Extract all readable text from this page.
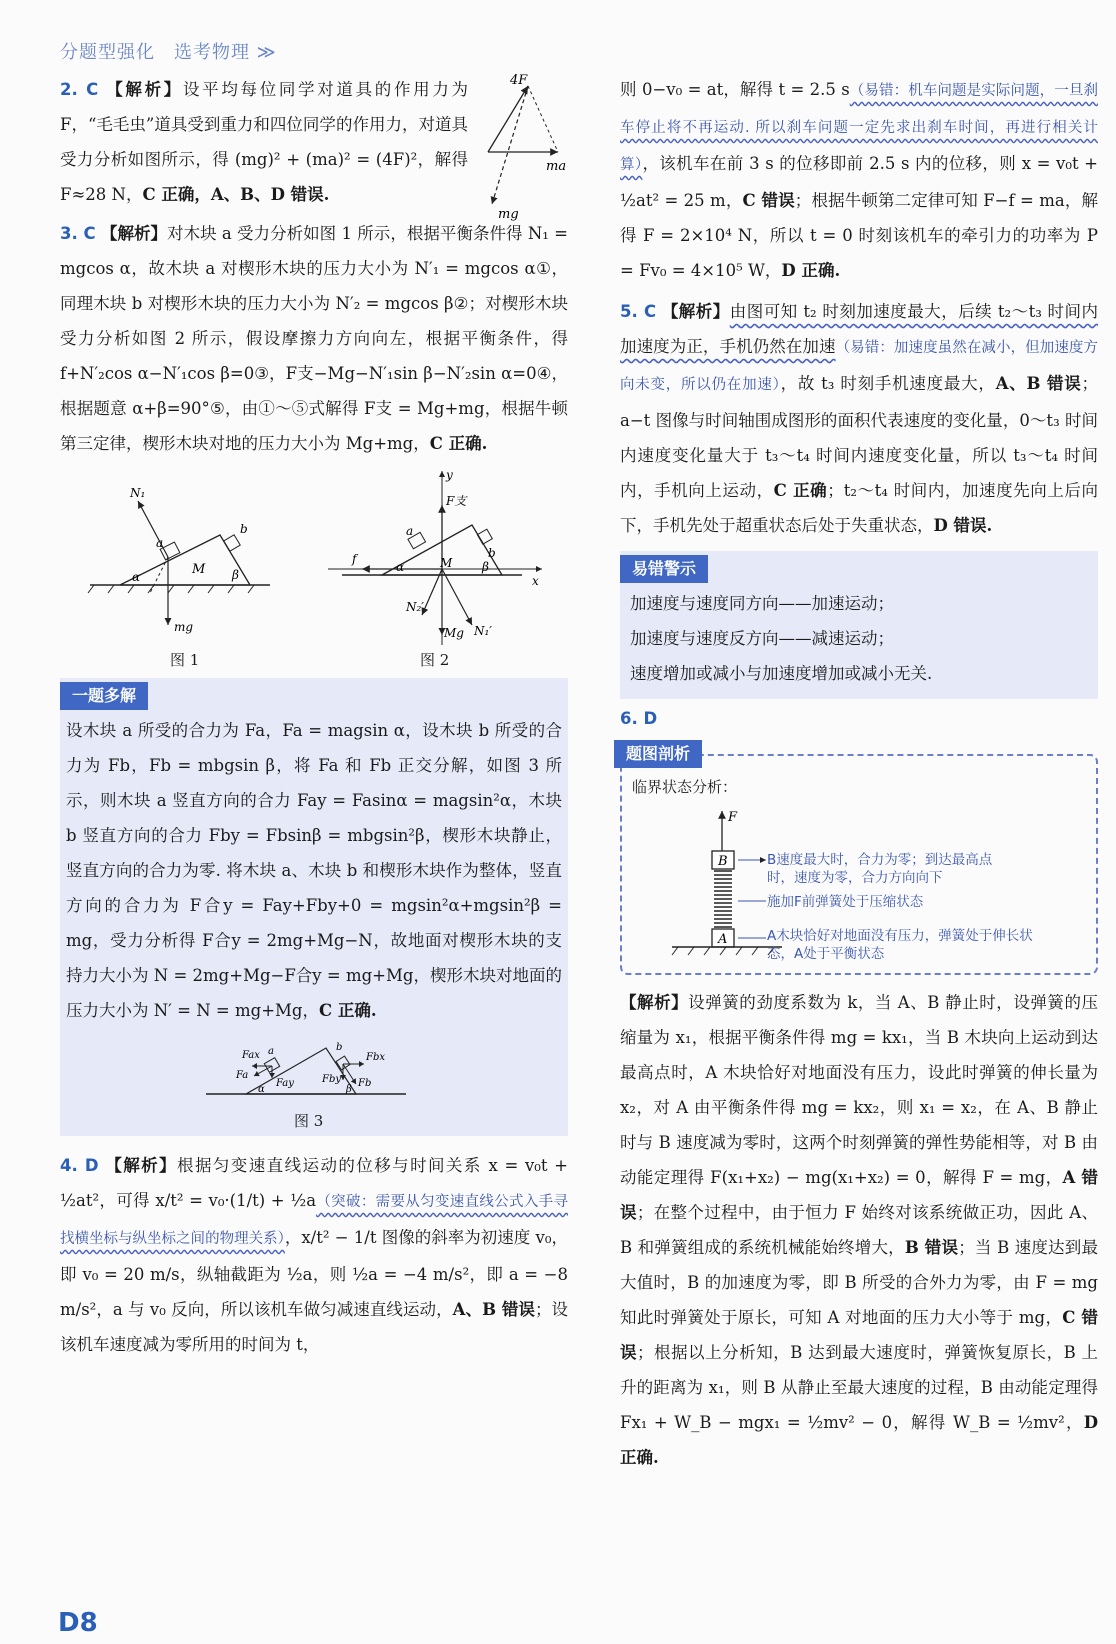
分题型强化　选考物理 ≫
4F
ma
mg

2. C 【解析】设平均每位同学对道具的作用力为 F，“毛毛虫”道具受到重力和四位同学的作用力，对道具受力分析如图所示，得 (mg)² + (ma)² = (4F)²，解得 F≈28 N，C 正确，A、B、D 错误.

3. C 【解析】对木块 a 受力分析如图 1 所示，根据平衡条件得 N₁ = mgcos α，故木块 a 对楔形木块的压力大小为 N′₁ = mgcos α①，同理木块 b 对楔形木块的压力大小为 N′₂ = mgcos β②；对楔形木块受力分析如图 2 所示，假设摩擦力方向向左，根据平衡条件，得 f+N′₂cos α−N′₁cos β=0③，F支−Mg−N′₁sin β−N′₂sin α=0④，根据题意 α+β=90°⑤，由①～⑤式解得 F支 = Mg+mg，根据牛顿第三定律，楔形木块对地的压力大小为 Mg+mg，C 正确.

N₁
a
b
M
α	β
mg
图 1
y
F支
f
a
b
M
x
N₂′
Mg N₁′
α	β
图 2
一题多解

设木块 a 所受的合力为 Fa，Fa = magsin α，设木块 b 所受的合力为 Fb，Fb = mbgsin β，将 Fa 和 Fb 正交分解，如图 3 所示，则木块 a 竖直方向的合力 Fay = Fasinα = magsin²α，木块 b 竖直方向的合力 Fby = Fbsinβ = mbgsin²β，楔形木块静止，竖直方向的合力为零. 将木块 a、木块 b 和楔形木块作为整体，竖直方向的合力为 F合y = Fay+Fby+0 = mgsin²α+mgsin²β = mg，受力分析得 F合y = 2mg+Mg−N，故地面对楔形木块的支持力大小为 N = 2mg+Mg−F合y = mg+Mg，楔形木块对地面的压力大小为 N′ = N = mg+Mg，C 正确.

Fax a
Fa
Fay
b
Fbx
Fb
Fby
α	β
图 3

4. D 【解析】根据匀变速直线运动的位移与时间关系 x = v₀t + ½at²，可得 x/t² = v₀·(1/t) + ½a（突破：需要从匀变速直线公式入手寻找横坐标与纵坐标之间的物理关系），x/t² − 1/t 图像的斜率为初速度 v₀，即 v₀ = 20 m/s，纵轴截距为 ½a，则 ½a = −4 m/s²，即 a = −8 m/s²，a 与 v₀ 反向，所以该机车做匀减速直线运动，A、B 错误；设该机车速度减为零所用的时间为 t，

则 0−v₀ = at，解得 t = 2.5 s（易错：机车问题是实际问题，一旦刹车停止将不再运动. 所以刹车问题一定先求出刹车时间，再进行相关计算），该机车在前 3 s 的位移即前 2.5 s 内的位移，则 x = v₀t + ½at² = 25 m，C 错误；根据牛顿第二定律可知 F−f = ma，解得 F = 2×10⁴ N，所以 t = 0 时刻该机车的牵引力的功率为 P = Fv₀ = 4×10⁵ W，D 正确.

5. C 【解析】由图可知 t₂ 时刻加速度最大，后续 t₂～t₃ 时间内加速度为正，手机仍然在加速（易错：加速度虽然在减小，但加速度方向未变，所以仍在加速），故 t₃ 时刻手机速度最大，A、B 错误；a−t 图像与时间轴围成图形的面积代表速度的变化量，0～t₃ 时间内速度变化量大于 t₃～t₄ 时间内速度变化量，所以 t₃～t₄ 时间内，手机向上运动，C 正确；t₂～t₄ 时间内，加速度先向上后向下，手机先处于超重状态后处于失重状态，D 错误.

易错警示

加速度与速度同方向——加速运动；

加速度与速度反方向——减速运动；

速度增加或减小与加速度增加或减小无关.

6. D
题图剖析
临界状态分析：
F
B
A
B速度最大时，合力为零；到达最高点时，速度为零，合力方向向下
施加F前弹簧处于压缩状态
A木块恰好对地面没有压力，弹簧处于伸长状态，A处于平衡状态

【解析】设弹簧的劲度系数为 k，当 A、B 静止时，设弹簧的压缩量为 x₁，根据平衡条件得 mg = kx₁，当 B 木块向上运动到达最高点时，A 木块恰好对地面没有压力，设此时弹簧的伸长量为 x₂，对 A 由平衡条件得 mg = kx₂，则 x₁ = x₂，在 A、B 静止时与 B 速度减为零时，这两个时刻弹簧的弹性势能相等，对 B 由动能定理得 F(x₁+x₂) − mg(x₁+x₂) = 0，解得 F = mg，A 错误；在整个过程中，由于恒力 F 始终对该系统做正功，因此 A、B 和弹簧组成的系统机械能始终增大，B 错误；当 B 速度达到最大值时，B 的加速度为零，即 B 所受的合外力为零，由 F = mg 知此时弹簧处于原长，可知 A 对地面的压力大小等于 mg，C 错误；根据以上分析知，B 达到最大速度时，弹簧恢复原长，B 上升的距离为 x₁，则 B 从静止至最大速度的过程，B 由动能定理得 Fx₁ + W_B − mgx₁ = ½mv² − 0，解得 W_B = ½mv²，D 正确.

D8
